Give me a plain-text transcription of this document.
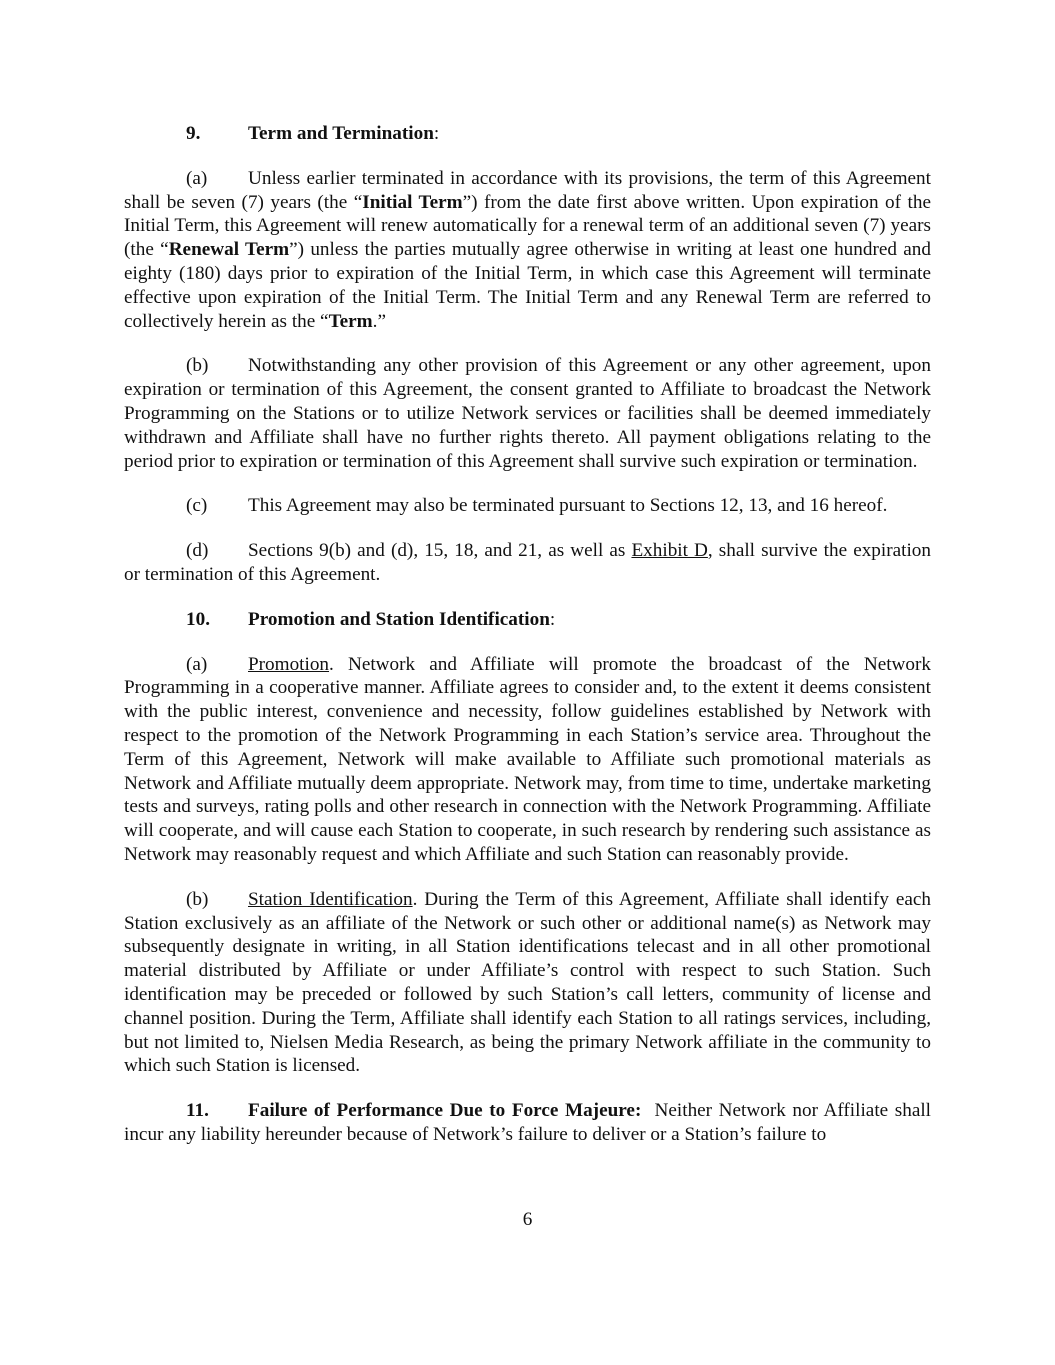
9. Term and Termination:

(a) Unless earlier terminated in accordance with its provisions, the term of this Agreement shall be seven (7) years (the “Initial Term”) from the date first above written. Upon expiration of the Initial Term, this Agreement will renew automatically for a renewal term of an additional seven (7) years (the “Renewal Term”) unless the parties mutually agree otherwise in writing at least one hundred and eighty (180) days prior to expiration of the Initial Term, in which case this Agreement will terminate effective upon expiration of the Initial Term. The Initial Term and any Renewal Term are referred to collectively herein as the “Term.”

(b) Notwithstanding any other provision of this Agreement or any other agreement, upon expiration or termination of this Agreement, the consent granted to Affiliate to broadcast the Network Programming on the Stations or to utilize Network services or facilities shall be deemed immediately withdrawn and Affiliate shall have no further rights thereto. All payment obligations relating to the period prior to expiration or termination of this Agreement shall survive such expiration or termination.

(c) This Agreement may also be terminated pursuant to Sections 12, 13, and 16 hereof.

(d) Sections 9(b) and (d), 15, 18, and 21, as well as Exhibit D, shall survive the expiration or termination of this Agreement.

10. Promotion and Station Identification:

(a) Promotion. Network and Affiliate will promote the broadcast of the Network Programming in a cooperative manner. Affiliate agrees to consider and, to the extent it deems consistent with the public interest, convenience and necessity, follow guidelines established by Network with respect to the promotion of the Network Programming in each Station’s service area. Throughout the Term of this Agreement, Network will make available to Affiliate such promotional materials as Network and Affiliate mutually deem appropriate. Network may, from time to time, undertake marketing tests and surveys, rating polls and other research in connection with the Network Programming. Affiliate will cooperate, and will cause each Station to cooperate, in such research by rendering such assistance as Network may reasonably request and which Affiliate and such Station can reasonably provide.

(b) Station Identification. During the Term of this Agreement, Affiliate shall identify each Station exclusively as an affiliate of the Network or such other or additional name(s) as Network may subsequently designate in writing, in all Station identifications telecast and in all other promotional material distributed by Affiliate or under Affiliate’s control with respect to such Station. Such identification may be preceded or followed by such Station’s call letters, community of license and channel position. During the Term, Affiliate shall identify each Station to all ratings services, including, but not limited to, Nielsen Media Research, as being the primary Network affiliate in the community to which such Station is licensed.

11. Failure of Performance Due to Force Majeure:  Neither Network nor Affiliate shall incur any liability hereunder because of Network’s failure to deliver or a Station’s failure to

6
